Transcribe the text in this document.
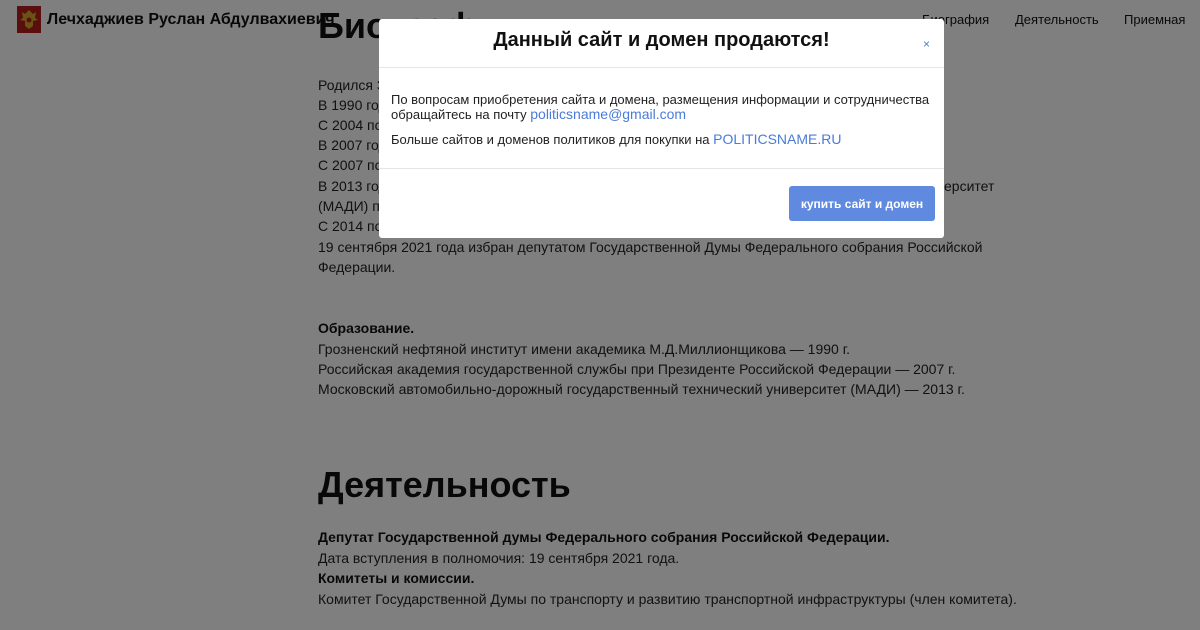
Данный сайт и домен продаются!	×
По вопросам приобретения сайта и домена, размещения информации и сотрудничества обращайтесь на почту politicsname@gmail.com
Больше сайтов и доменов политиков для покупки на POLITICSNAME.RU
купить сайт и домен
